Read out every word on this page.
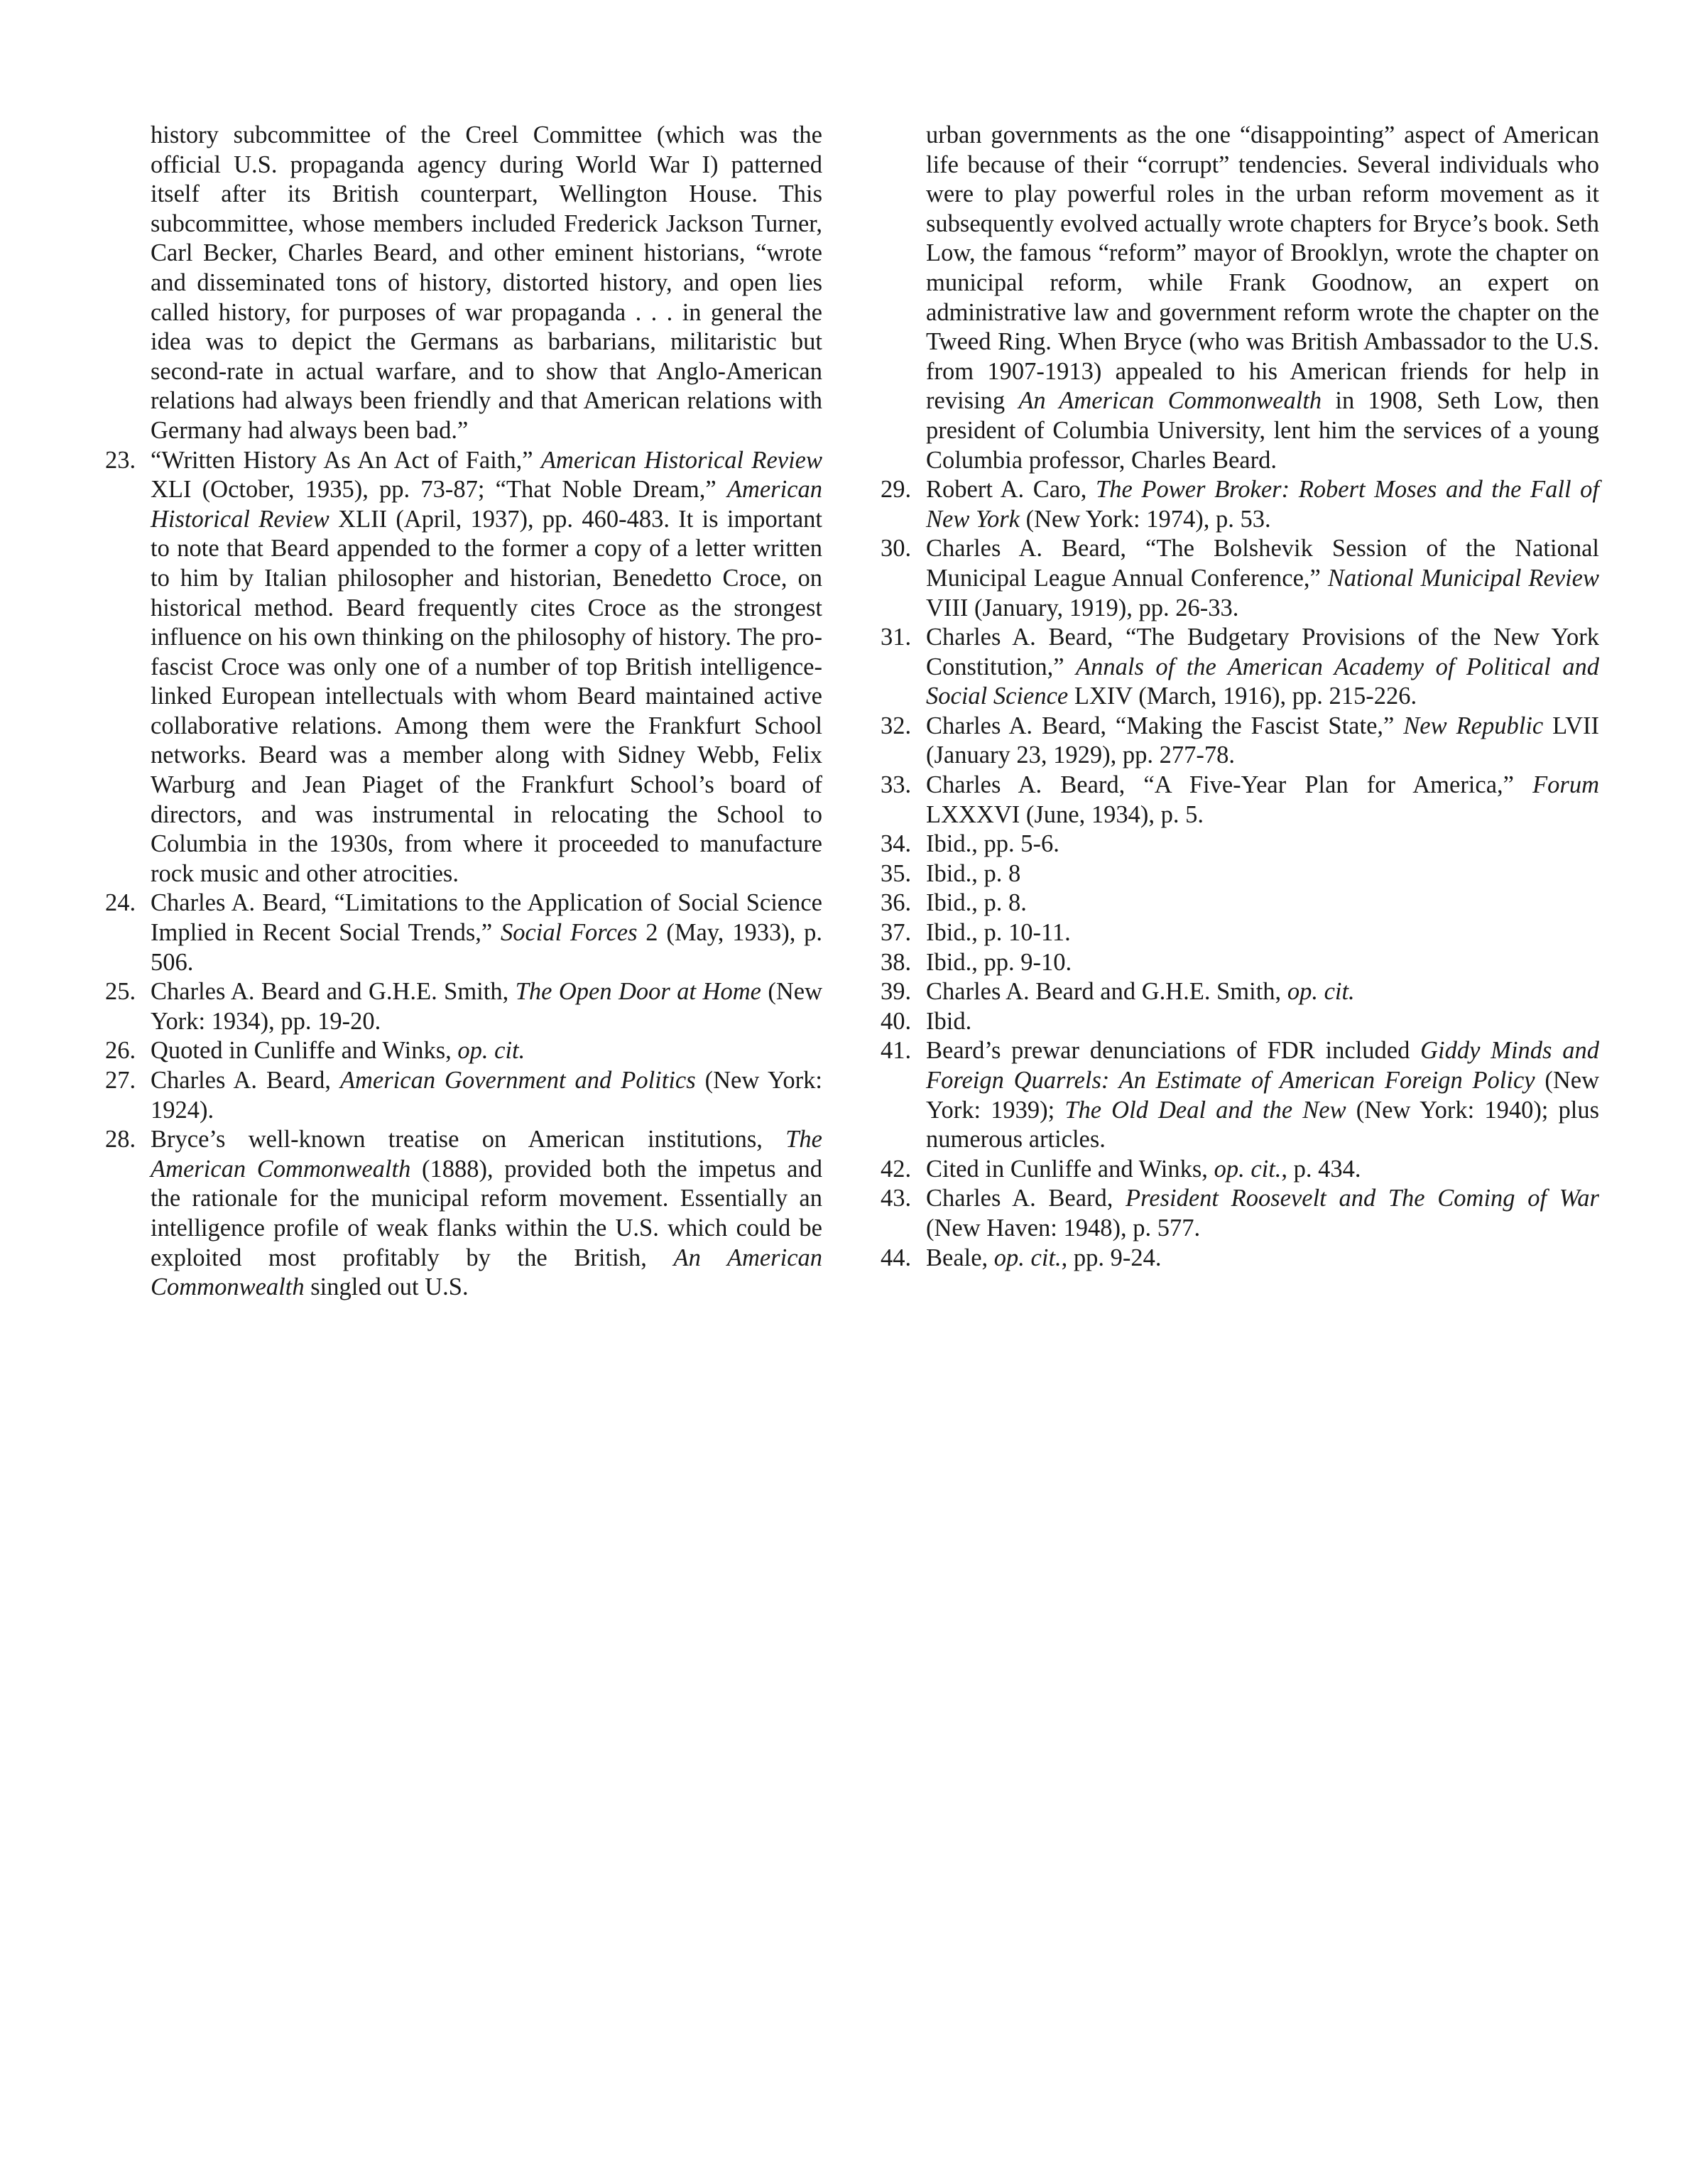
history subcommittee of the Creel Committee (which was the official U.S. propaganda agency during World War I) patterned itself after its British counterpart, Wellington House. This subcommittee, whose members included Frederick Jackson Turner, Carl Becker, Charles Beard, and other eminent historians, “wrote and disseminated tons of history, distorted history, and open lies called history, for purposes of war propaganda . . . in general the idea was to depict the Germans as barbarians, militaristic but second-rate in actual warfare, and to show that Anglo-American relations had always been friendly and that American relations with Germany had always been bad.”

23. “Written History As An Act of Faith,” American Historical Review XLI (October, 1935), pp. 73-87; “That Noble Dream,” American Historical Review XLII (April, 1937), pp. 460-483. It is important to note that Beard appended to the former a copy of a letter written to him by Italian philosopher and historian, Benedetto Croce, on historical method. Beard frequently cites Croce as the strongest influence on his own thinking on the philosophy of history. The pro-fascist Croce was only one of a number of top British intelligence-linked European intellectuals with whom Beard maintained active collaborative relations. Among them were the Frankfurt School networks. Beard was a member along with Sidney Webb, Felix Warburg and Jean Piaget of the Frankfurt School’s board of directors, and was instrumental in relocating the School to Columbia in the 1930s, from where it proceeded to manufacture rock music and other atrocities.

24. Charles A. Beard, “Limitations to the Application of Social Science Implied in Recent Social Trends,” Social Forces 2 (May, 1933), p. 506.

25. Charles A. Beard and G.H.E. Smith, The Open Door at Home (New York: 1934), pp. 19-20.

26. Quoted in Cunliffe and Winks, op. cit.

27. Charles A. Beard, American Government and Politics (New York: 1924).

28. Bryce’s well-known treatise on American institutions, The American Commonwealth (1888), provided both the impetus and the rationale for the municipal reform movement. Essentially an intelligence profile of weak flanks within the U.S. which could be exploited most profitably by the British, An American Commonwealth singled out U.S.

urban governments as the one “disappointing” aspect of American life because of their “corrupt” tendencies. Several individuals who were to play powerful roles in the urban reform movement as it subsequently evolved actually wrote chapters for Bryce’s book. Seth Low, the famous “reform” mayor of Brooklyn, wrote the chapter on municipal reform, while Frank Goodnow, an expert on administrative law and government reform wrote the chapter on the Tweed Ring. When Bryce (who was British Ambassador to the U.S. from 1907-1913) appealed to his American friends for help in revising An American Commonwealth in 1908, Seth Low, then president of Columbia University, lent him the services of a young Columbia professor, Charles Beard.

29. Robert A. Caro, The Power Broker: Robert Moses and the Fall of New York (New York: 1974), p. 53.

30. Charles A. Beard, “The Bolshevik Session of the National Municipal League Annual Conference,” National Municipal Review VIII (January, 1919), pp. 26-33.

31. Charles A. Beard, “The Budgetary Provisions of the New York Constitution,” Annals of the American Academy of Political and Social Science LXIV (March, 1916), pp. 215-226.

32. Charles A. Beard, “Making the Fascist State,” New Republic LVII (January 23, 1929), pp. 277-78.

33. Charles A. Beard, “A Five-Year Plan for America,” Forum LXXXVI (June, 1934), p. 5.

34. Ibid., pp. 5-6.

35. Ibid., p. 8

36. Ibid., p. 8.

37. Ibid., p. 10-11.

38. Ibid., pp. 9-10.

39. Charles A. Beard and G.H.E. Smith, op. cit.

40. Ibid.

41. Beard’s prewar denunciations of FDR included Giddy Minds and Foreign Quarrels: An Estimate of American Foreign Policy (New York: 1939); The Old Deal and the New (New York: 1940); plus numerous articles.

42. Cited in Cunliffe and Winks, op. cit., p. 434.

43. Charles A. Beard, President Roosevelt and The Coming of War (New Haven: 1948), p. 577.

44. Beale, op. cit., pp. 9-24.
